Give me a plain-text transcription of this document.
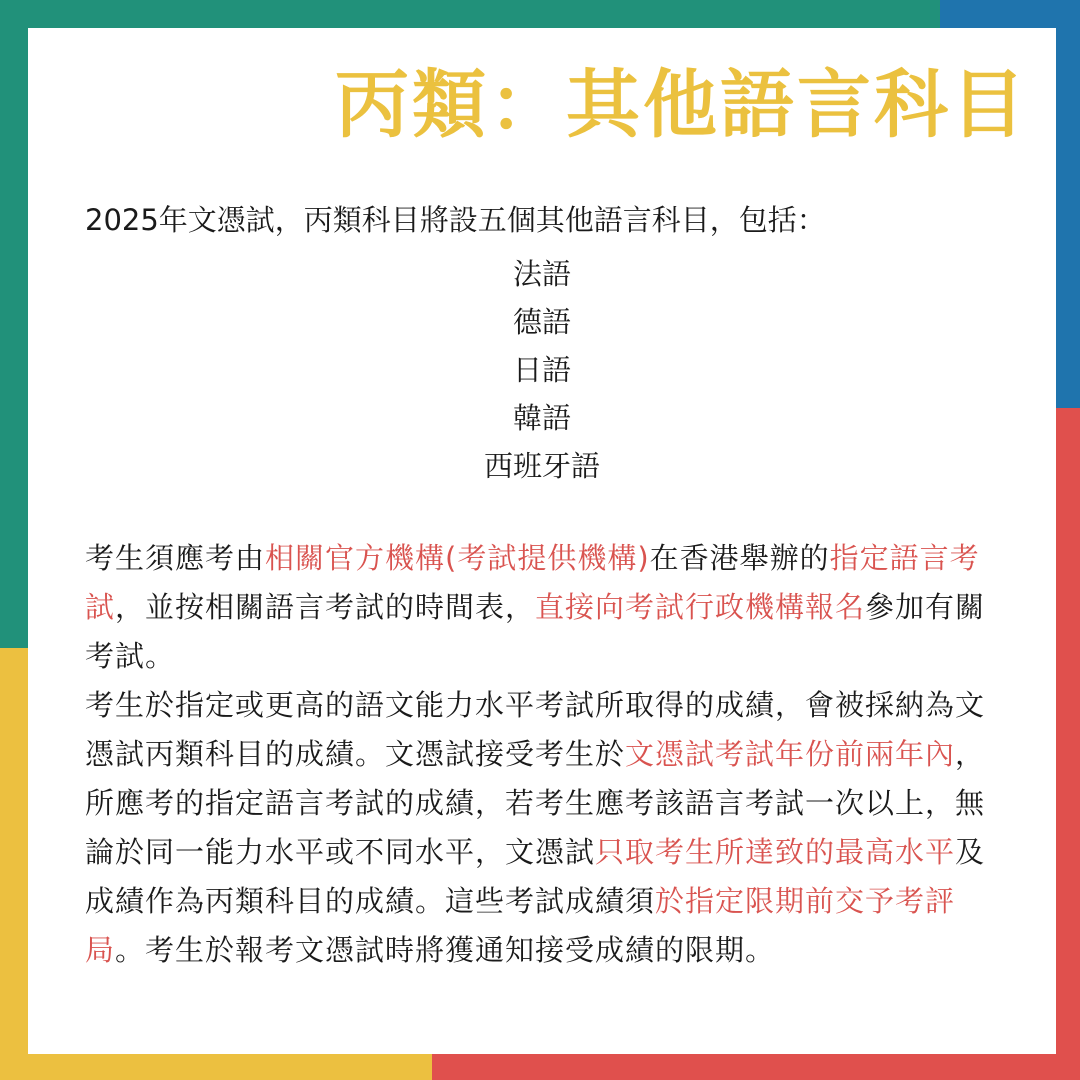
丙類：其他語言科目
2025年文憑試，丙類科目將設五個其他語言科目，包括：
法語
德語
日語
韓語
西班牙語

考生須應考由相關官方機構(考試提供機構)在香港舉辦的指定語言考試，並按相關語言考試的時間表，直接向考試行政機構報名參加有關考試。

考生於指定或更高的語文能力水平考試所取得的成績，會被採納為文憑試丙類科目的成績。文憑試接受考生於文憑試考試年份前兩年內，所應考的指定語言考試的成績，若考生應考該語言考試一次以上，無論於同一能力水平或不同水平，文憑試只取考生所達致的最高水平及成績作為丙類科目的成績。這些考試成績須於指定限期前交予考評局。考生於報考文憑試時將獲通知接受成績的限期。
